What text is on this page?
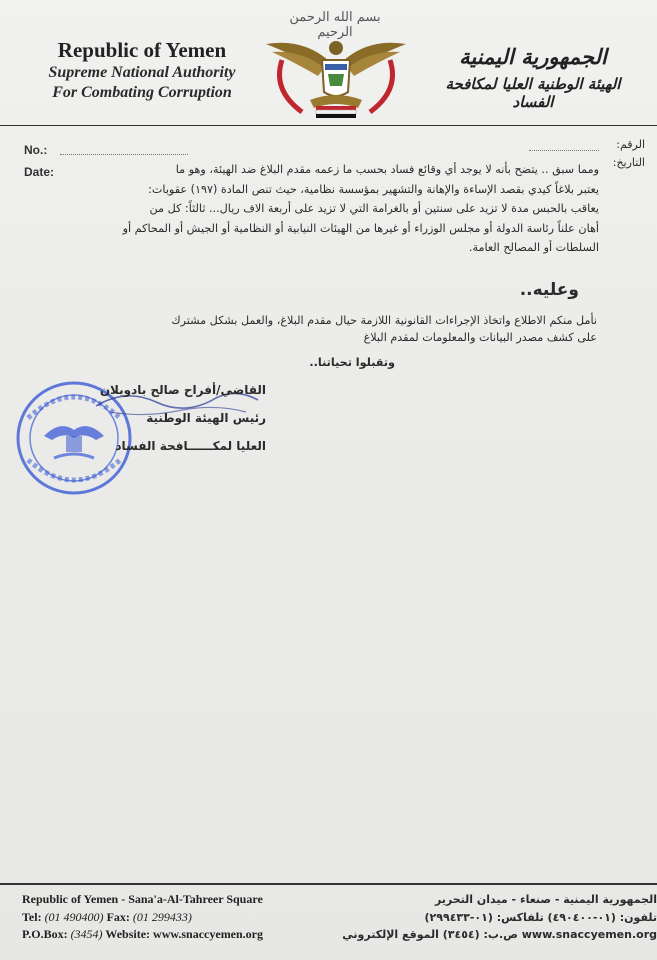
Republic of Yemen
Supreme National Authority
For Combating Corruption
بسم الله الرحمن الرحيم
الجمهورية اليمنية
الهيئة الوطنية العليا لمكافحة الفساد
No.:
Date:
الرقم:
التاريخ:
ومما سبق .. يتضح بأنه لا يوجد أي وقائع فساد بحسب ما زعمه مقدم البلاغ ضد الهيئة، وهو ما
يعتبر بلاغاً كيدي بقصد الإساءة والإهانة والتشهير بمؤسسة نظامية، حيث تنص المادة (١٩٧) عقوبات:
يعاقب بالحبس مدة لا تزيد على سنتين أو بالغرامة التي لا تزيد على أربعة الاف ريال... ثالثاً: كل من
أهان علناً رئاسة الدولة أو مجلس الوزراء أو غيرها من الهيئات النيابية أو النظامية أو الجيش أو المحاكم أو
السلطات أو المصالح العامة.
وعليه..
نأمل منكم الاطلاع واتخاذ الإجراءات القانونية اللازمة حيال مقدم البلاغ، والعمل بشكل مشترك
على كشف مصدر البيانات والمعلومات لمقدم البلاغ
وتقبلوا تحياتنا..
القاضي/أفراح صالح بادويلان
رئيس الهيئة الوطنية
العليا لمكــــــافحة الفساد
Republic of Yemen - Sana'a-Al-Tahreer Square
Tel: (01 490400) Fax: (01 299433)
P.O.Box: (3454) Website: www.snaccyemen.org
الجمهورية اليمنية - صنعاء - ميدان التحرير
تلفون: (٠١-٤٩٠٤٠٠) تلفاكس: (٠١-٢٩٩٤٣٣)
www.snaccyemen.org ص.ب: (٣٤٥٤) الموقع الإلكتروني
